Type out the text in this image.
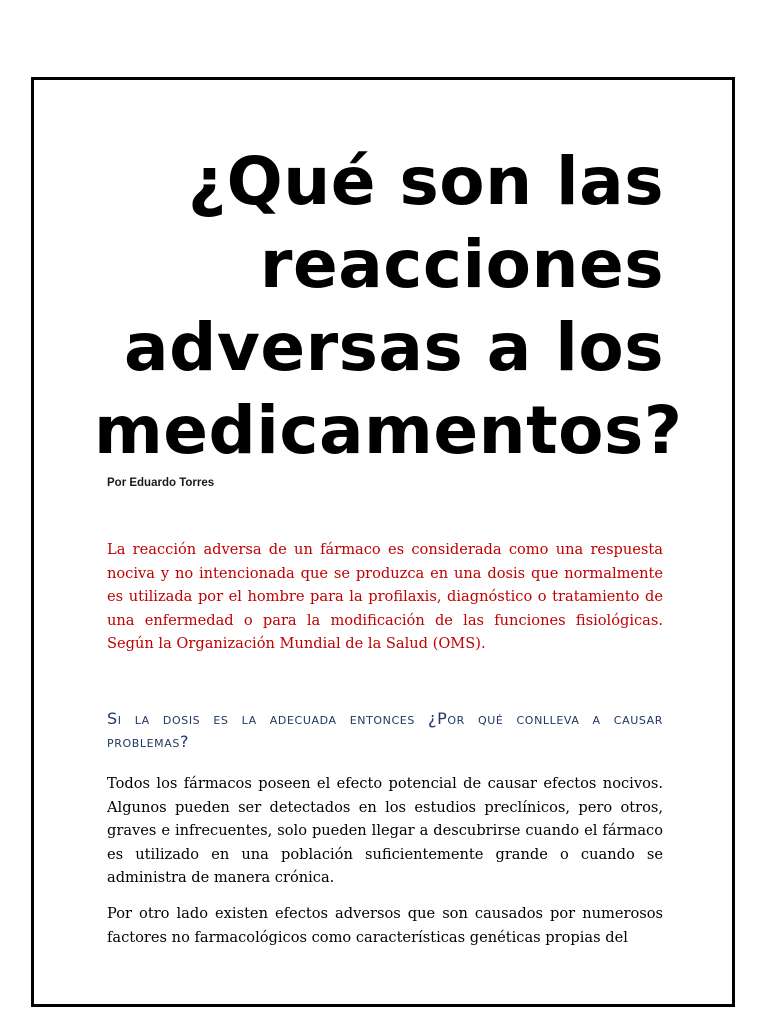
¿Qué son las
reacciones
adversas a los
medicamentos?

Por Eduardo Torres

La reacción adversa de un fármaco es considerada como una respuesta nociva y no intencionada que se produzca en una dosis que normalmente es utilizada por el hombre para la profilaxis, diagnóstico o tratamiento de una enfermedad o para la modificación de las funciones fisiológicas. Según la Organización Mundial de la Salud (OMS).

Si la dosis es la adecuada entonces ¿Por qué conlleva a causar problemas?

Todos los fármacos poseen el efecto potencial de causar efectos nocivos. Algunos pueden ser detectados en los estudios preclínicos, pero otros, graves e infrecuentes, solo pueden llegar a descubrirse cuando el fármaco es utilizado en una población suficientemente grande o cuando se administra de manera crónica.

Por otro lado existen efectos adversos que son causados por numerosos factores no farmacológicos como características genéticas propias del
